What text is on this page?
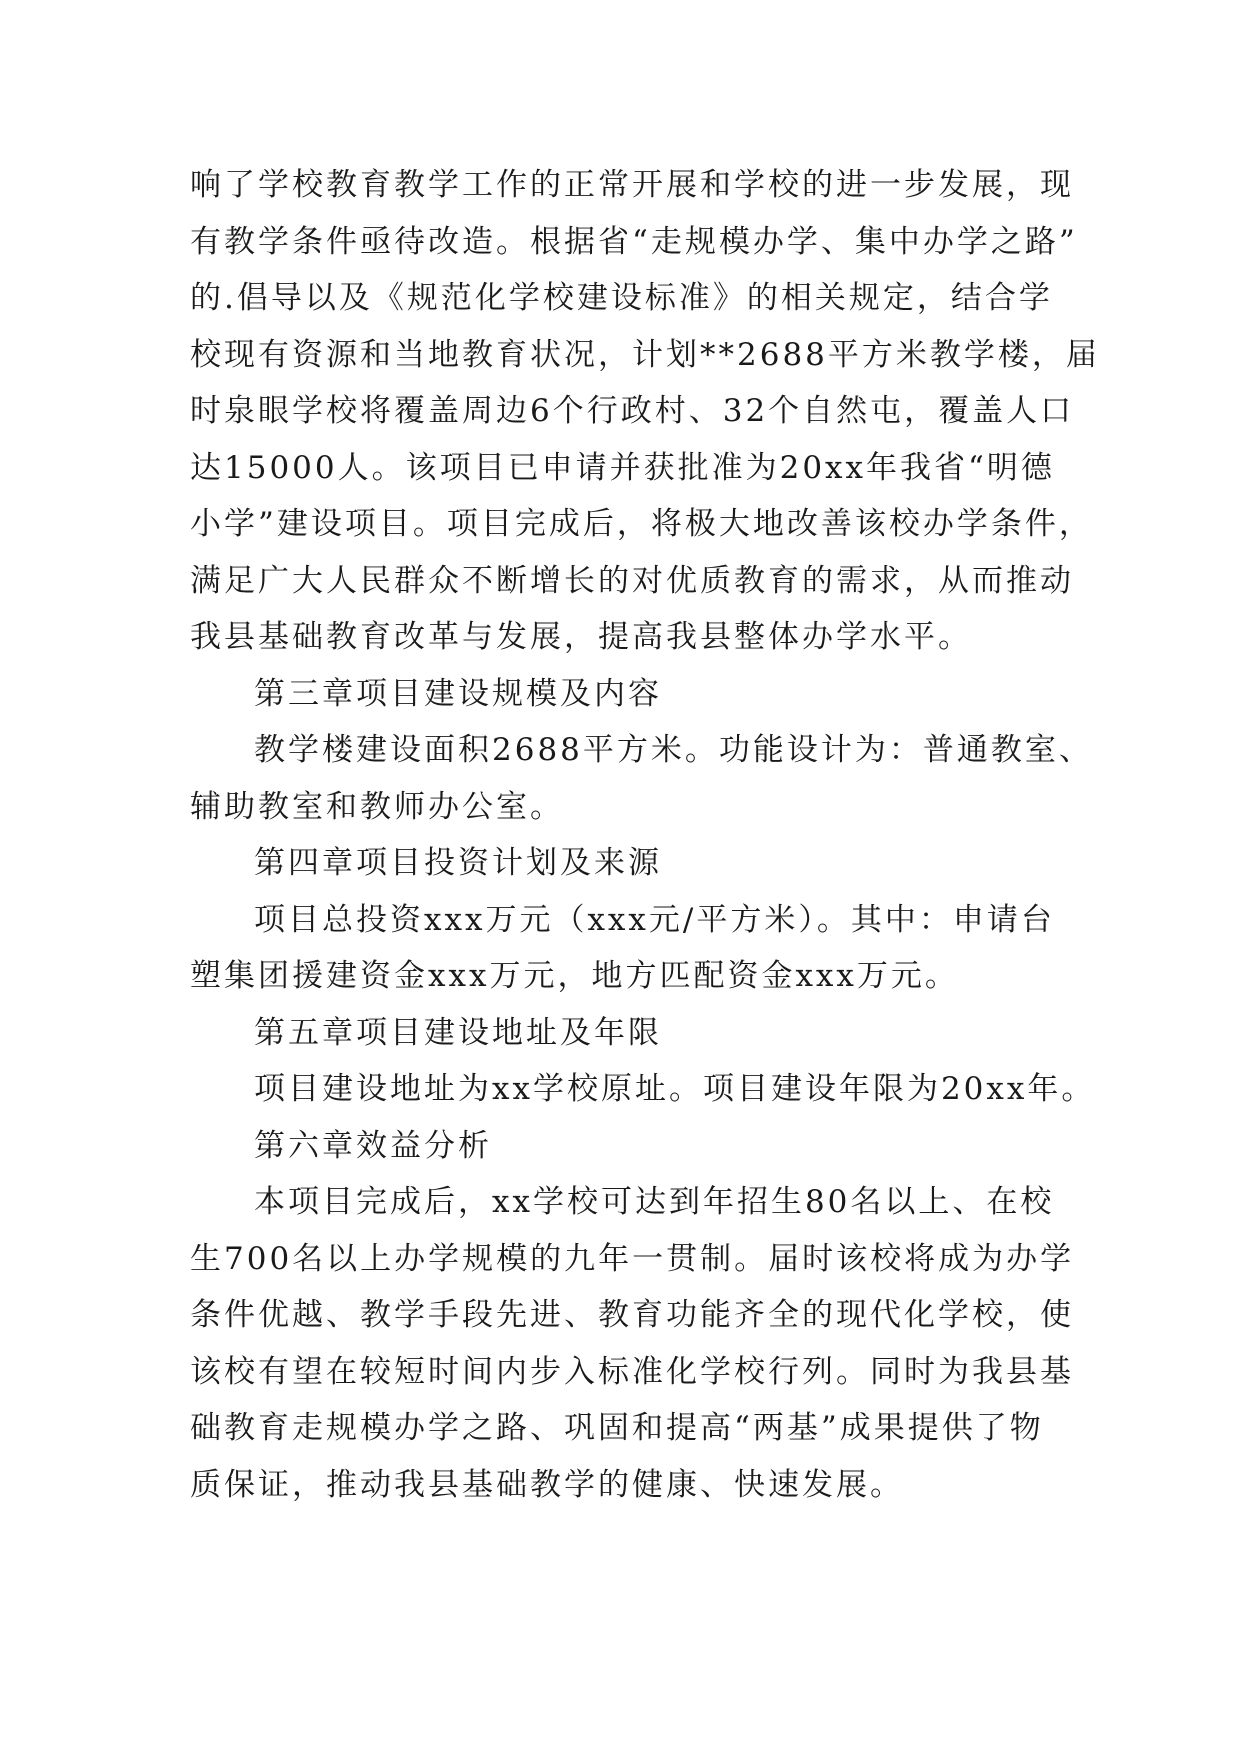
响了学校教育教学工作的正常开展和学校的进一步发展，现
有教学条件亟待改造。根据省“走规模办学、集中办学之路”
的.倡导以及《规范化学校建设标准》的相关规定，结合学
校现有资源和当地教育状况，计划**2688平方米教学楼，届
时泉眼学校将覆盖周边6个行政村、32个自然屯，覆盖人口
达15000人。该项目已申请并获批准为20xx年我省“明德
小学”建设项目。项目完成后，将极大地改善该校办学条件，
满足广大人民群众不断增长的对优质教育的需求，从而推动
我县基础教育改革与发展，提高我县整体办学水平。
第三章项目建设规模及内容
教学楼建设面积2688平方米。功能设计为：普通教室、
辅助教室和教师办公室。
第四章项目投资计划及来源
项目总投资xxx万元（xxx元/平方米）。其中：申请台
塑集团援建资金xxx万元，地方匹配资金xxx万元。
第五章项目建设地址及年限
项目建设地址为xx学校原址。项目建设年限为20xx年。
第六章效益分析
本项目完成后，xx学校可达到年招生80名以上、在校
生700名以上办学规模的九年一贯制。届时该校将成为办学
条件优越、教学手段先进、教育功能齐全的现代化学校，使
该校有望在较短时间内步入标准化学校行列。同时为我县基
础教育走规模办学之路、巩固和提高“两基”成果提供了物
质保证，推动我县基础教学的健康、快速发展。
